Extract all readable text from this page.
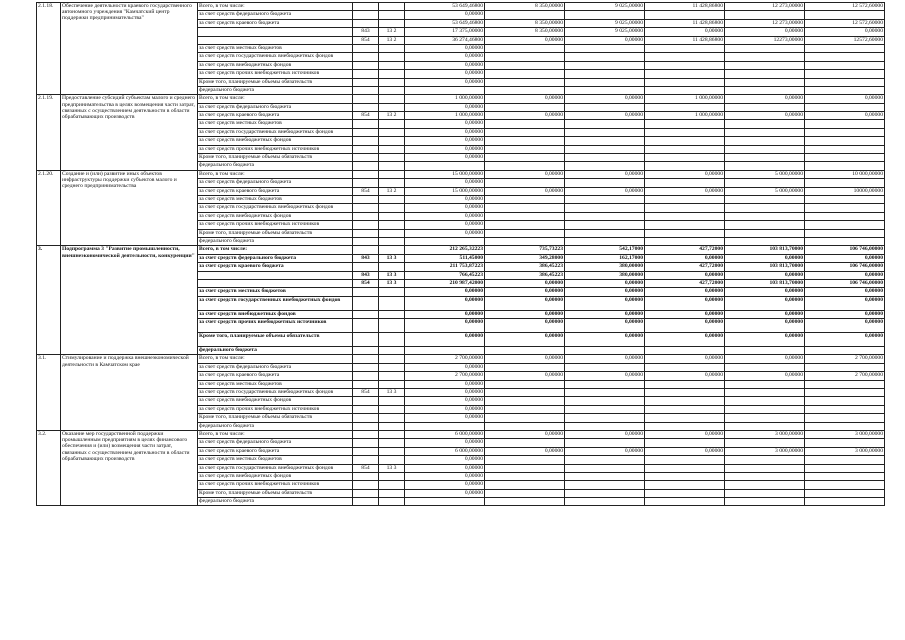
2.1.18.	Обеспечение деятельности краевого государственного автономного учреждения "Камчатский центр поддержки предпринимательства"	Всего, в том числе:			53 649,46800	8 350,00000	9 025,00000	11 428,86800	12 273,00000	12 572,60000
		за счет средств федерального бюджета			0,00000					
		за счет средств краевого бюджета			53 649,46800	8 350,00000	9 025,00000	11 428,86800	12 273,00000	12 572,60000
			843	13 2	17 375,00000	8 350,00000	9 025,00000	0,00000	0,00000	0,00000
			854	13 2	36 274,46800	0,00000	0,00000	11 428,86800	12273,00000	12572,60000
		за счет средств местных бюджетов			0,00000					
		за счет средств государственных внебюджетных фондов			0,00000					
		за счет средств внебюджетных фондов			0,00000					
		за счет средств прочих внебюджетных источников			0,00000					
		Кроме того, планируемые объемы обязательств			0,00000					
		федерального бюджета								
2.1.19.	Предоставление субсидий субъектам малого и среднего предпринимательства в целях возмещения части затрат, связанных с осуществлением деятельности в области обрабатывающих производств	Всего, в том числе:			1 000,00000	0,00000	0,00000	1 000,00000	0,00000	0,00000
		за счет средств федерального бюджета			0,00000					
		за счет средств краевого бюджета	854	13 2	1 000,00000	0,00000	0,00000	1 000,00000	0,00000	0,00000
		за счет средств местных бюджетов			0,00000					
		за счет средств государственных внебюджетных фондов			0,00000					
		за счет средств внебюджетных фондов			0,00000					
		за счет средств прочих внебюджетных источников			0,00000					
		Кроме того, планируемые объемы обязательств			0,00000					
		федерального бюджета								
2.1.20.	Создание и (или) развитие иных объектов инфраструктуры поддержки субъектов малого и среднего предпринимательства	Всего, в том числе:			15 000,00000	0,00000	0,00000	0,00000	5 000,00000	10 000,00000
		за счет средств федерального бюджета			0,00000					
		за счет средств краевого бюджета	854	13 2	15 000,00000	0,00000	0,00000	0,00000	5 000,00000	10000,00000
		за счет средств местных бюджетов			0,00000					
		за счет средств государственных внебюджетных фондов			0,00000					
		за счет средств внебюджетных фондов			0,00000					
		за счет средств прочих внебюджетных источников			0,00000					
		Кроме того, планируемые объемы обязательств			0,00000					
		федерального бюджета								
3.	Подпрограмма 3 "Развитие промышленности, внешнеэкономической деятельности, конкуренции"	Всего, в том числе:			212 265,32223	735,73223	542,17000	427,72000	103 813,70000	106 746,00000
		за счет средств федерального бюджета	843	13 3	511,45000	349,28000	162,17000	0,00000	0,00000	0,00000
		за счет средств краевого бюджета			211 753,87223	386,45223	380,00000	427,72000	103 813,70000	106 746,00000
			843	13 3	766,45223	386,45223	380,00000	0,00000	0,00000	0,00000
			854	13 3	210 987,42000	0,00000	0,00000	427,72000	103 813,70000	106 746,00000
		за счет средств местных бюджетов			0,00000	0,00000	0,00000	0,00000	0,00000	0,00000
		за счет средств государственных внебюджетных фондов			0,00000	0,00000	0,00000	0,00000	0,00000	0,00000
		за счет средств внебюджетных фондов			0,00000	0,00000	0,00000	0,00000	0,00000	0,00000
		за счет средств прочих внебюджетных источников			0,00000	0,00000	0,00000	0,00000	0,00000	0,00000
		Кроме того, планируемые объемы обязательств			0,00000	0,00000	0,00000	0,00000	0,00000	0,00000
		федерального бюджета								
3.1.	Стимулирование и поддержка внешнеэкономической деятельности в Камчатском крае	Всего, в том числе:			2 700,00000	0,00000	0,00000	0,00000	0,00000	2 700,00000
		за счет средств федерального бюджета			0,00000					
		за счет средств краевого бюджета			2 700,00000	0,00000	0,00000	0,00000	0,00000	2 700,00000
		за счет средств местных бюджетов			0,00000					
		за счет средств государственных внебюджетных фондов	854	13 3	0,00000					
		за счет средств внебюджетных фондов			0,00000					
		за счет средств прочих внебюджетных источников			0,00000					
		Кроме того, планируемые объемы обязательств			0,00000					
		федерального бюджета								
3.2.	Оказание мер государственной поддержки промышленным предприятиям в целях финансового обеспечения и (или) возмещения части затрат, связанных с осуществлением деятельности в области обрабатывающих производств	Всего, в том числе:			6 000,00000	0,00000	0,00000	0,00000	3 000,00000	3 000,00000
		за счет средств федерального бюджета			0,00000					
		за счет средств краевого бюджета			6 000,00000	0,00000	0,00000	0,00000	3 000,00000	3 000,00000
		за счет средств местных бюджетов			0,00000					
		за счет средств государственных внебюджетных фондов	854	13 3	0,00000					
		за счет средств внебюджетных фондов			0,00000					
		за счет средств прочих внебюджетных источников			0,00000					
		Кроме того, планируемые объемы обязательств			0,00000					
		федерального бюджета								
